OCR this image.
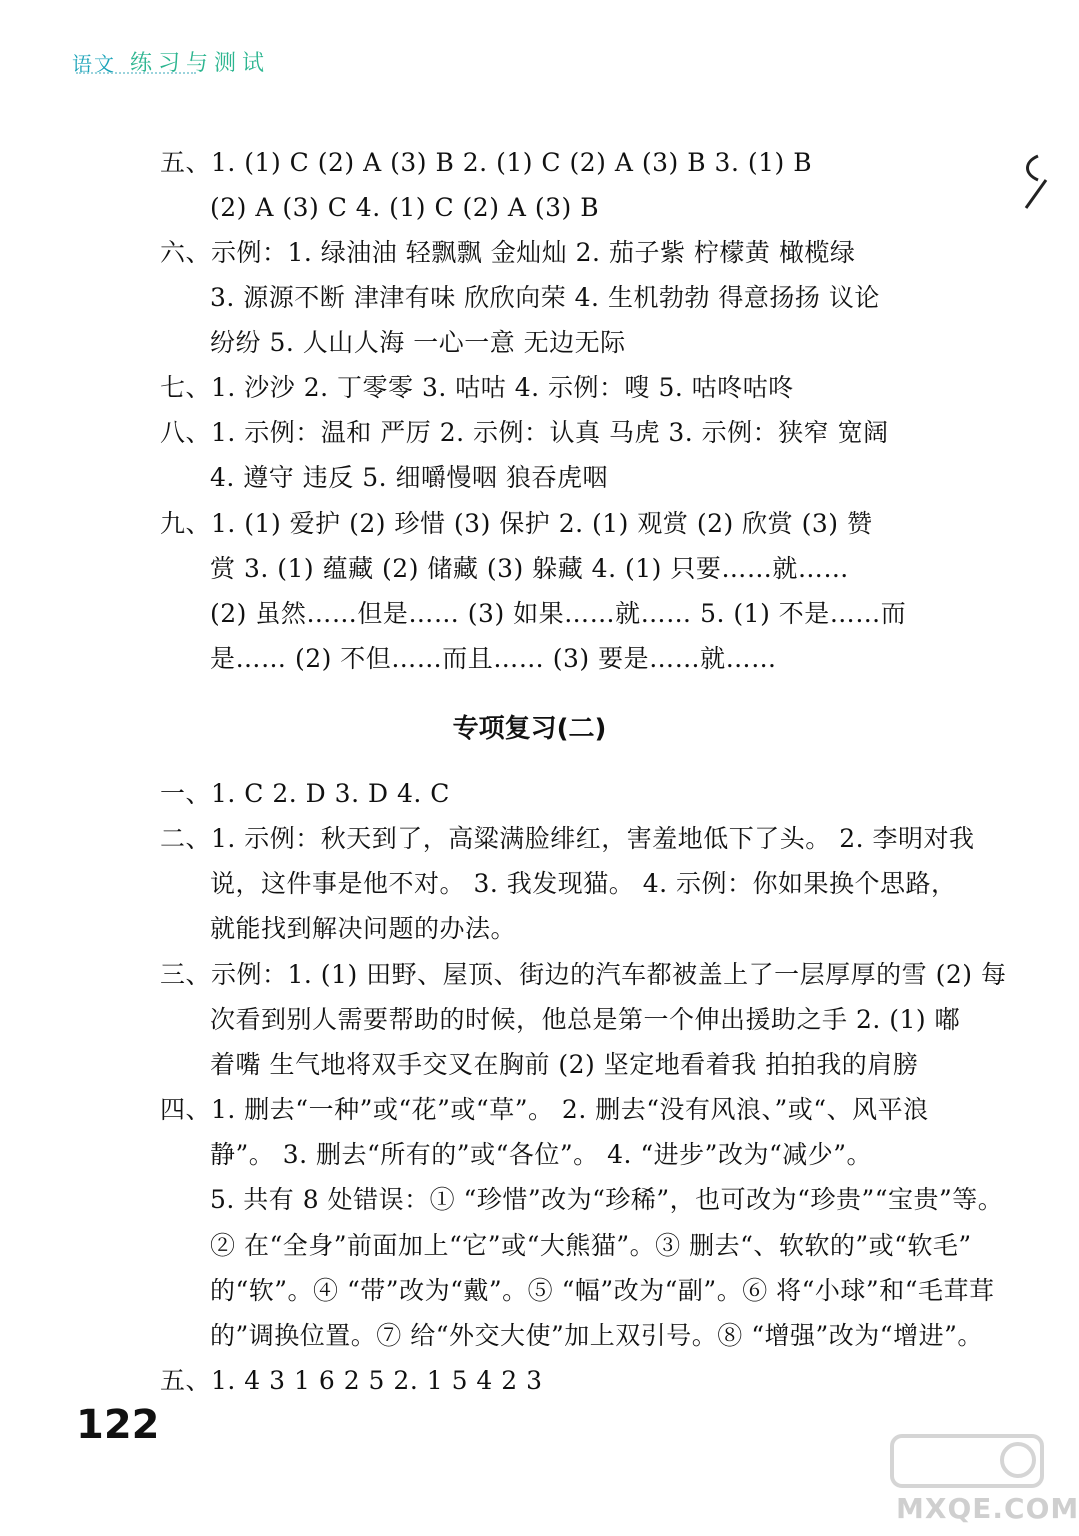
语文 练习与测试
五、1. (1) C (2) A (3) B 2. (1) C (2) A (3) B 3. (1) B
(2) A (3) C 4. (1) C (2) A (3) B
六、示例：1. 绿油油 轻飘飘 金灿灿 2. 茄子紫 柠檬黄 橄榄绿
3. 源源不断 津津有味 欣欣向荣 4. 生机勃勃 得意扬扬 议论
纷纷 5. 人山人海 一心一意 无边无际
七、1. 沙沙 2. 丁零零 3. 咕咕 4. 示例：嗖 5. 咕咚咕咚
八、1. 示例：温和 严厉 2. 示例：认真 马虎 3. 示例：狭窄 宽阔
4. 遵守 违反 5. 细嚼慢咽 狼吞虎咽
九、1. (1) 爱护 (2) 珍惜 (3) 保护 2. (1) 观赏 (2) 欣赏 (3) 赞
赏 3. (1) 蕴藏 (2) 储藏 (3) 躲藏 4. (1) 只要……就……
(2) 虽然……但是…… (3) 如果……就…… 5. (1) 不是……而
是…… (2) 不但……而且…… (3) 要是……就……
一、1. C 2. D 3. D 4. C
二、1. 示例：秋天到了，高粱满脸绯红，害羞地低下了头。 2. 李明对我
说，这件事是他不对。 3. 我发现猫。 4. 示例：你如果换个思路，
就能找到解决问题的办法。
三、示例：1. (1) 田野、屋顶、街边的汽车都被盖上了一层厚厚的雪 (2) 每
次看到别人需要帮助的时候，他总是第一个伸出援助之手 2. (1) 嘟
着嘴 生气地将双手交叉在胸前 (2) 坚定地看着我 拍拍我的肩膀
四、1. 删去“一种”或“花”或“草”。 2. 删去“没有风浪、”或“、风平浪
静”。 3. 删去“所有的”或“各位”。 4. “进步”改为“减少”。
5. 共有 8 处错误：① “珍惜”改为“珍稀”，也可改为“珍贵”“宝贵”等。
② 在“全身”前面加上“它”或“大熊猫”。③ 删去“、软软的”或“软毛”
的“软”。④ “带”改为“戴”。⑤ “幅”改为“副”。⑥ 将“小球”和“毛茸茸
的”调换位置。⑦ 给“外交大使”加上双引号。⑧ “增强”改为“增进”。
五、1. 4 3 1 6 2 5 2. 1 5 4 2 3
专项复习(二)
122
MXQE.COM
